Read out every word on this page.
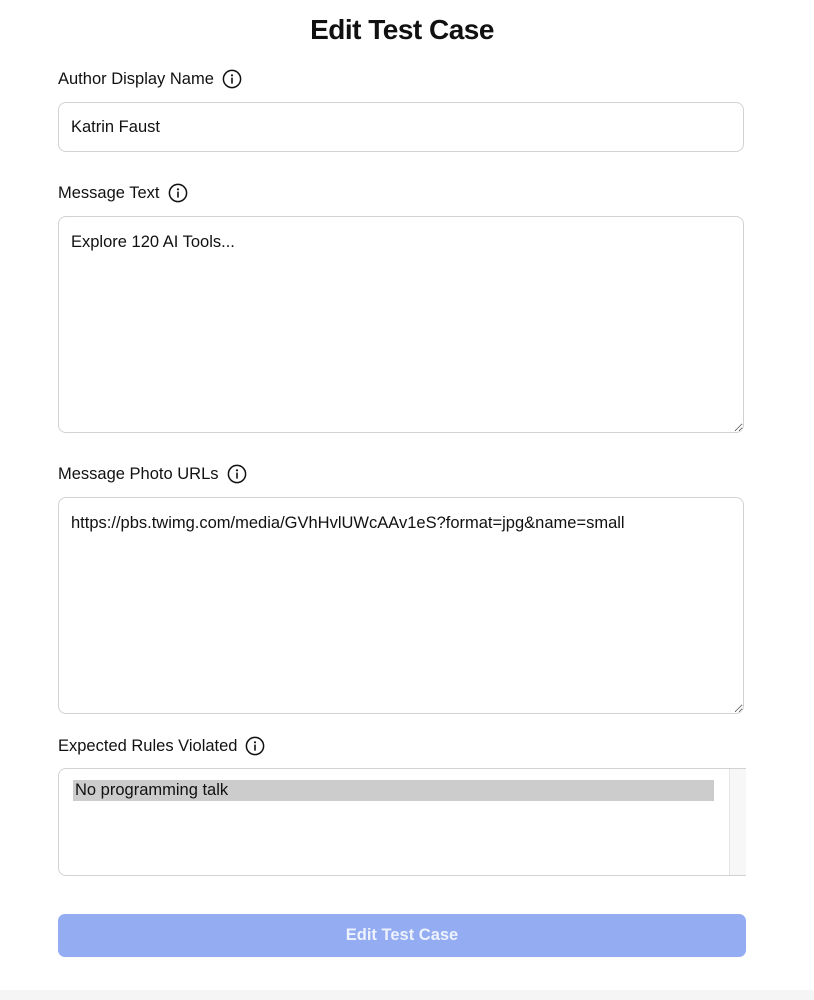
Edit Test Case
Author Display Name
Katrin Faust
Message Text
Explore 120 AI Tools...
Message Photo URLs
https://pbs.twimg.com/media/GVhHvlUWcAAv1eS?format=jpg&name=small
Expected Rules Violated
No programming talk
Edit Test Case
